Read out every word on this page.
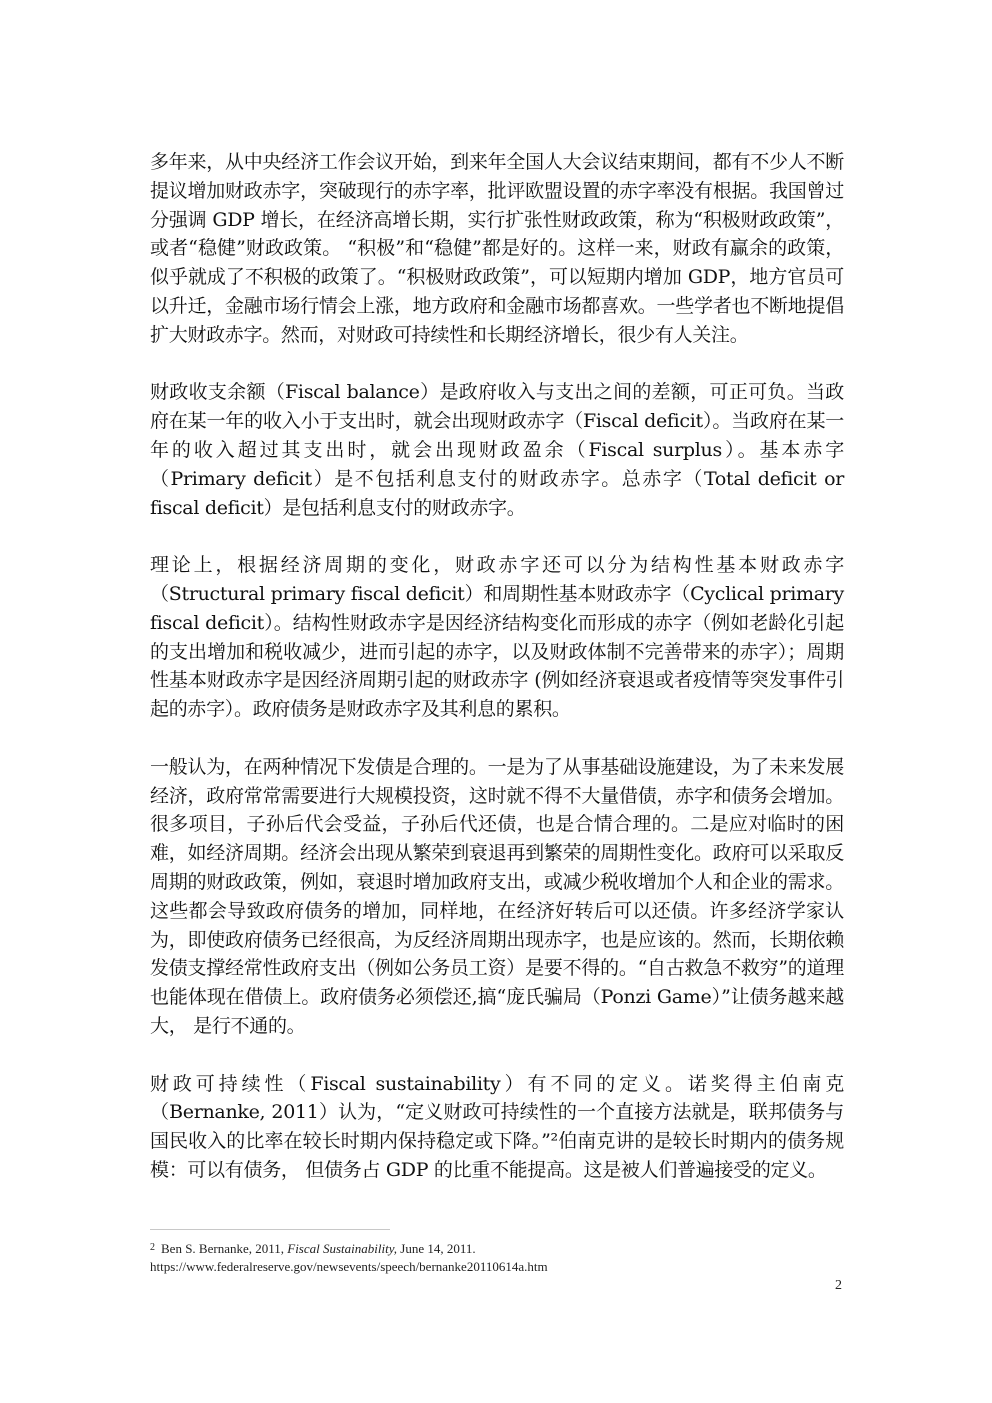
多年来，从中央经济工作会议开始，到来年全国人大会议结束期间，都有不少人不断提议增加财政赤字，突破现行的赤字率，批评欧盟设置的赤字率没有根据。我国曾过分强调 GDP 增长，在经济高增长期，实行扩张性财政政策，称为“积极财政政策”，或者“稳健”财政政策。 “积极”和“稳健”都是好的。这样一来，财政有赢余的政策，似乎就成了不积极的政策了。“积极财政政策”，可以短期内增加 GDP，地方官员可以升迁，金融市场行情会上涨，地方政府和金融市场都喜欢。一些学者也不断地提倡扩大财政赤字。然而，对财政可持续性和长期经济增长，很少有人关注。

财政收支余额（Fiscal balance）是政府收入与支出之间的差额，可正可负。当政府在某一年的收入小于支出时，就会出现财政赤字（Fiscal deficit）。当政府在某一年的收入超过其支出时，就会出现财政盈余（Fiscal surplus）。基本赤字（Primary deficit）是不包括利息支付的财政赤字。总赤字（Total deficit or fiscal deficit）是包括利息支付的财政赤字。

理论上，根据经济周期的变化，财政赤字还可以分为结构性基本财政赤字（Structural primary fiscal deficit）和周期性基本财政赤字（Cyclical primary fiscal deficit）。结构性财政赤字是因经济结构变化而形成的赤字（例如老龄化引起的支出增加和税收减少，进而引起的赤字，以及财政体制不完善带来的赤字）；周期性基本财政赤字是因经济周期引起的财政赤字 (例如经济衰退或者疫情等突发事件引起的赤字）。政府债务是财政赤字及其利息的累积。

一般认为，在两种情况下发债是合理的。一是为了从事基础设施建设，为了未来发展经济，政府常常需要进行大规模投资，这时就不得不大量借债，赤字和债务会增加。很多项目，子孙后代会受益，子孙后代还债，也是合情合理的。二是应对临时的困难，如经济周期。经济会出现从繁荣到衰退再到繁荣的周期性变化。政府可以采取反周期的财政政策，例如，衰退时增加政府支出，或减少税收增加个人和企业的需求。这些都会导致政府债务的增加，同样地，在经济好转后可以还债。许多经济学家认为，即使政府债务已经很高，为反经济周期出现赤字，也是应该的。然而，长期依赖发债支撑经常性政府支出（例如公务员工资）是要不得的。“自古救急不救穷”的道理也能体现在借债上。政府债务必须偿还,搞“庞氏骗局（Ponzi Game）”让债务越来越大， 是行不通的。

财政可持续性（Fiscal sustainability）有不同的定义。诺奖得主伯南克（Bernanke, 2011）认为，“定义财政可持续性的一个直接方法就是，联邦债务与国民收入的比率在较长时期内保持稳定或下降。”²伯南克讲的是较长时期内的债务规模：可以有债务， 但债务占 GDP 的比重不能提高。这是被人们普遍接受的定义。

$^2$ Ben S. Bernanke, 2011, Fiscal Sustainability, June 14, 2011.
https://www.federalreserve.gov/newsevents/speech/bernanke20110614a.htm
2
